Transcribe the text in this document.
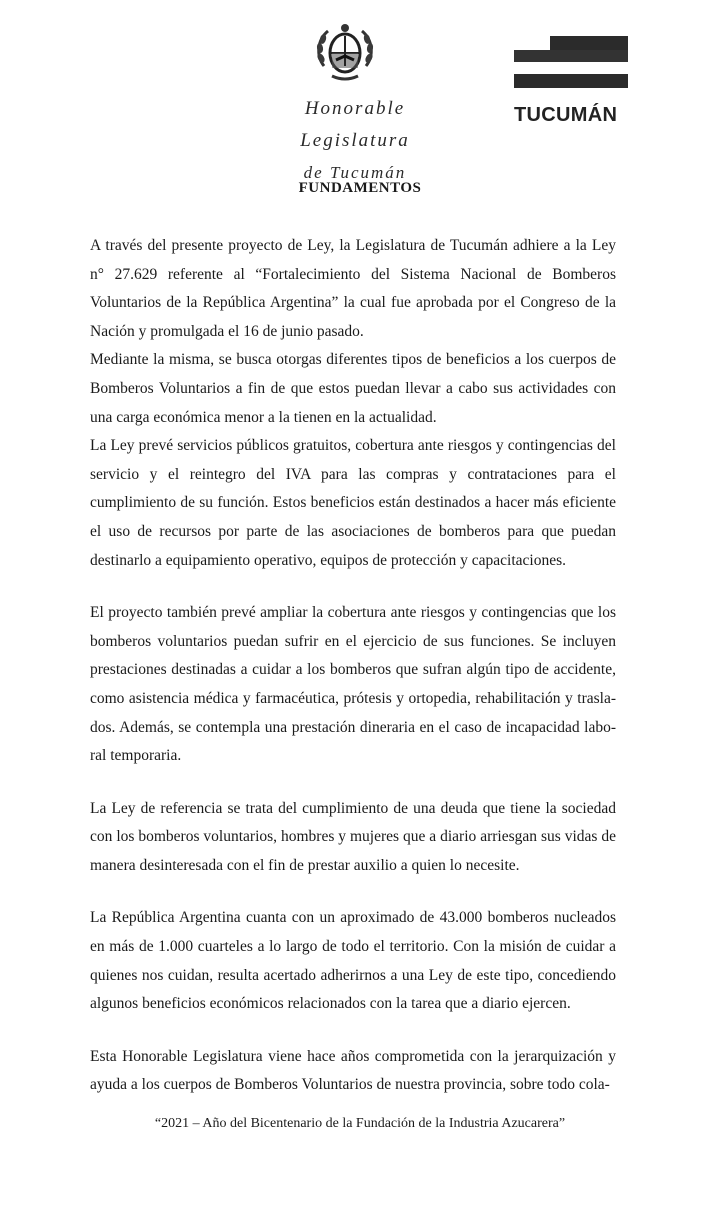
Honorable Legislatura
de Tucumán
TUCUMÁN
FUNDAMENTOS

A través del presente proyecto de Ley, la Legislatura de Tucumán adhiere a la Ley n° 27.629 referente al “Fortalecimiento del Sistema Nacional de Bomberos Voluntarios de la República Argentina” la cual fue aprobada por el Congreso de la Nación y promulgada el 16 de junio pasado.

Mediante la misma, se busca otorgas diferentes tipos de beneficios a los cuerpos de Bomberos Voluntarios a fin de que estos puedan llevar a cabo sus actividades con una carga económica menor a la tienen en la actualidad.

La Ley prevé servicios públicos gratuitos, cobertura ante riesgos y contingencias del servicio y el reintegro del IVA para las compras y contrataciones para el cumplimiento de su función. Estos beneficios están destinados a hacer más eficiente el uso de recursos por parte de las asociaciones de bomberos para que puedan destinarlo a equipamiento operativo, equipos de protección y capacitaciones.

El proyecto también prevé ampliar la cobertura ante riesgos y contingencias que los bomberos voluntarios puedan sufrir en el ejercicio de sus funciones. Se incluyen prestaciones destinadas a cuidar a los bomberos que sufran algún tipo de accidente, como asistencia médica y farmacéutica, prótesis y ortopedia, rehabilitación y trasla-dos. Además, se contempla una prestación dineraria en el caso de incapacidad labo-ral temporaria.

La Ley de referencia se trata del cumplimiento de una deuda que tiene la sociedad con los bomberos voluntarios, hombres y mujeres que a diario arriesgan sus vidas de manera desinteresada con el fin de prestar auxilio a quien lo necesite.

La República Argentina cuanta con un aproximado de 43.000 bomberos nucleados en más de 1.000 cuarteles a lo largo de todo el territorio. Con la misión de cuidar a quienes nos cuidan, resulta acertado adherirnos a una Ley de este tipo, concediendo algunos beneficios económicos relacionados con la tarea que a diario ejercen.

Esta Honorable Legislatura viene hace años comprometida con la jerarquización y ayuda a los cuerpos de Bomberos Voluntarios de nuestra provincia, sobre todo cola-

“2021 – Año del Bicentenario de la Fundación de la Industria Azucarera”
